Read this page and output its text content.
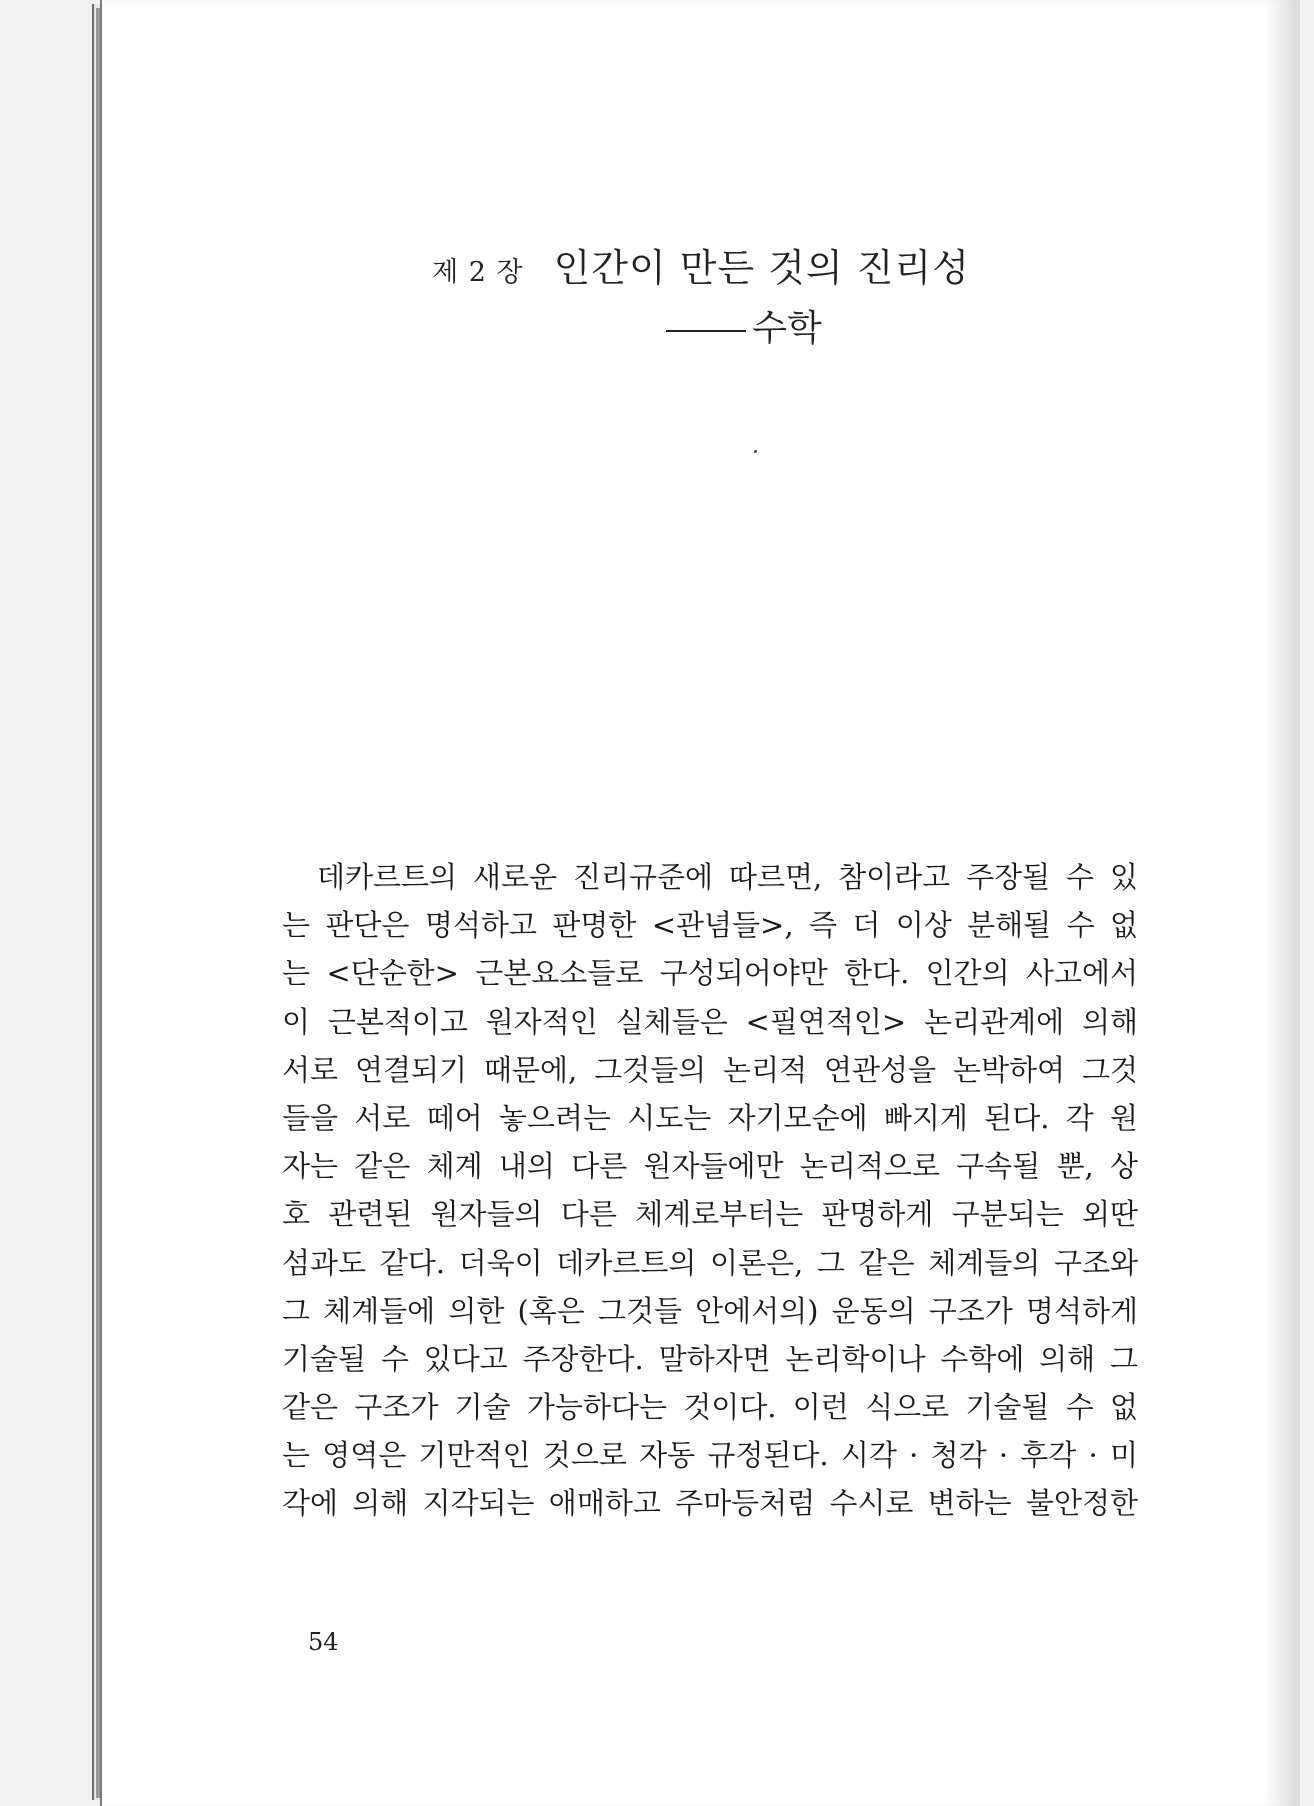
제 2 장 인간이 만든 것의 진리성
수학
데카르트의 새로운 진리규준에 따르면, 참이라고 주장될 수 있
는 판단은 명석하고 판명한 <관념들>, 즉 더 이상 분해될 수 없
는 <단순한> 근본요소들로 구성되어야만 한다. 인간의 사고에서
이 근본적이고 원자적인 실체들은 <필연적인> 논리관계에 의해
서로 연결되기 때문에, 그것들의 논리적 연관성을 논박하여 그것
들을 서로 떼어 놓으려는 시도는 자기모순에 빠지게 된다. 각 원
자는 같은 체계 내의 다른 원자들에만 논리적으로 구속될 뿐, 상
호 관련된 원자들의 다른 체계로부터는 판명하게 구분되는 외딴
섬과도 같다. 더욱이 데카르트의 이론은, 그 같은 체계들의 구조와
그 체계들에 의한 (혹은 그것들 안에서의) 운동의 구조가 명석하게
기술될 수 있다고 주장한다. 말하자면 논리학이나 수학에 의해 그
같은 구조가 기술 가능하다는 것이다. 이런 식으로 기술될 수 없
는 영역은 기만적인 것으로 자동 규정된다. 시각 · 청각 · 후각 · 미
각에 의해 지각되는 애매하고 주마등처럼 수시로 변하는 불안정한
54
